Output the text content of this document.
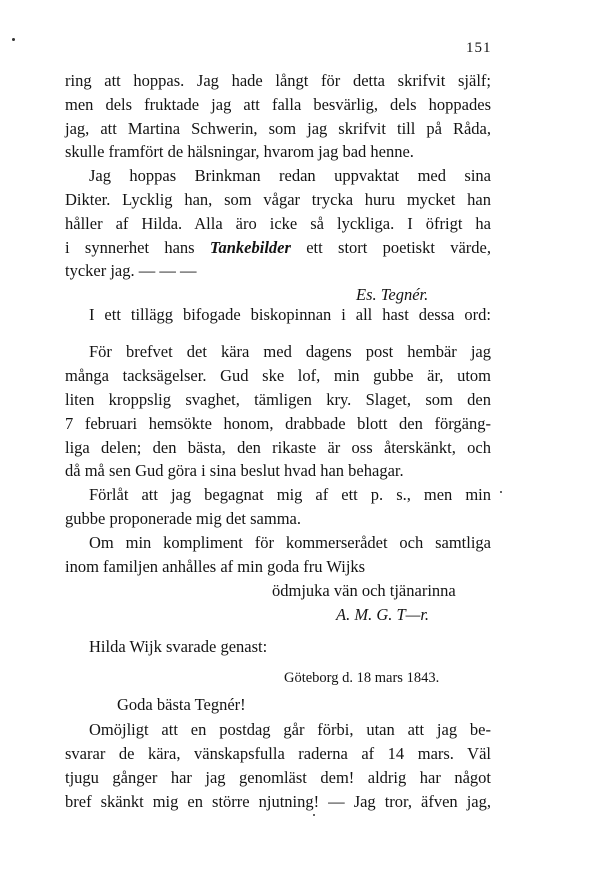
151
ring att hoppas. Jag hade långt för detta skrifvit själf;
men dels fruktade jag att falla besvärlig, dels hoppades
jag, att Martina Schwerin, som jag skrifvit till på Råda,
skulle framfört de hälsningar, hvarom jag bad henne.
Jag hoppas Brinkman redan uppvaktat med sina
Dikter. Lycklig han, som vågar trycka huru mycket han
håller af Hilda. Alla äro icke så lyckliga. I öfrigt ha
i synnerhet hans Tankebilder ett stort poetiskt värde,
tycker jag. — — —
Es. Tegnér.
I ett tillägg bifogade biskopinnan i all hast dessa ord:
För brefvet det kära med dagens post hembär jag
många tacksägelser. Gud ske lof, min gubbe är, utom
liten kroppslig svaghet, tämligen kry. Slaget, som den
7 februari hemsökte honom, drabbade blott den förgäng-
liga delen; den bästa, den rikaste är oss återskänkt, och
då må sen Gud göra i sina beslut hvad han behagar.
Förlåt att jag begagnat mig af ett p. s., men min
gubbe proponerade mig det samma.
Om min kompliment för kommerserådet och samtliga
inom familjen anhålles af min goda fru Wijks
ödmjuka vän och tjänarinna
A. M. G. T—r.
Hilda Wijk svarade genast:
Göteborg d. 18 mars 1843.
Goda bästa Tegnér!
Omöjligt att en postdag går förbi, utan att jag be-
svarar de kära, vänskapsfulla raderna af 14 mars. Väl
tjugu gånger har jag genomläst dem! aldrig har något
bref skänkt mig en större njutning! — Jag tror, äfven jag,
